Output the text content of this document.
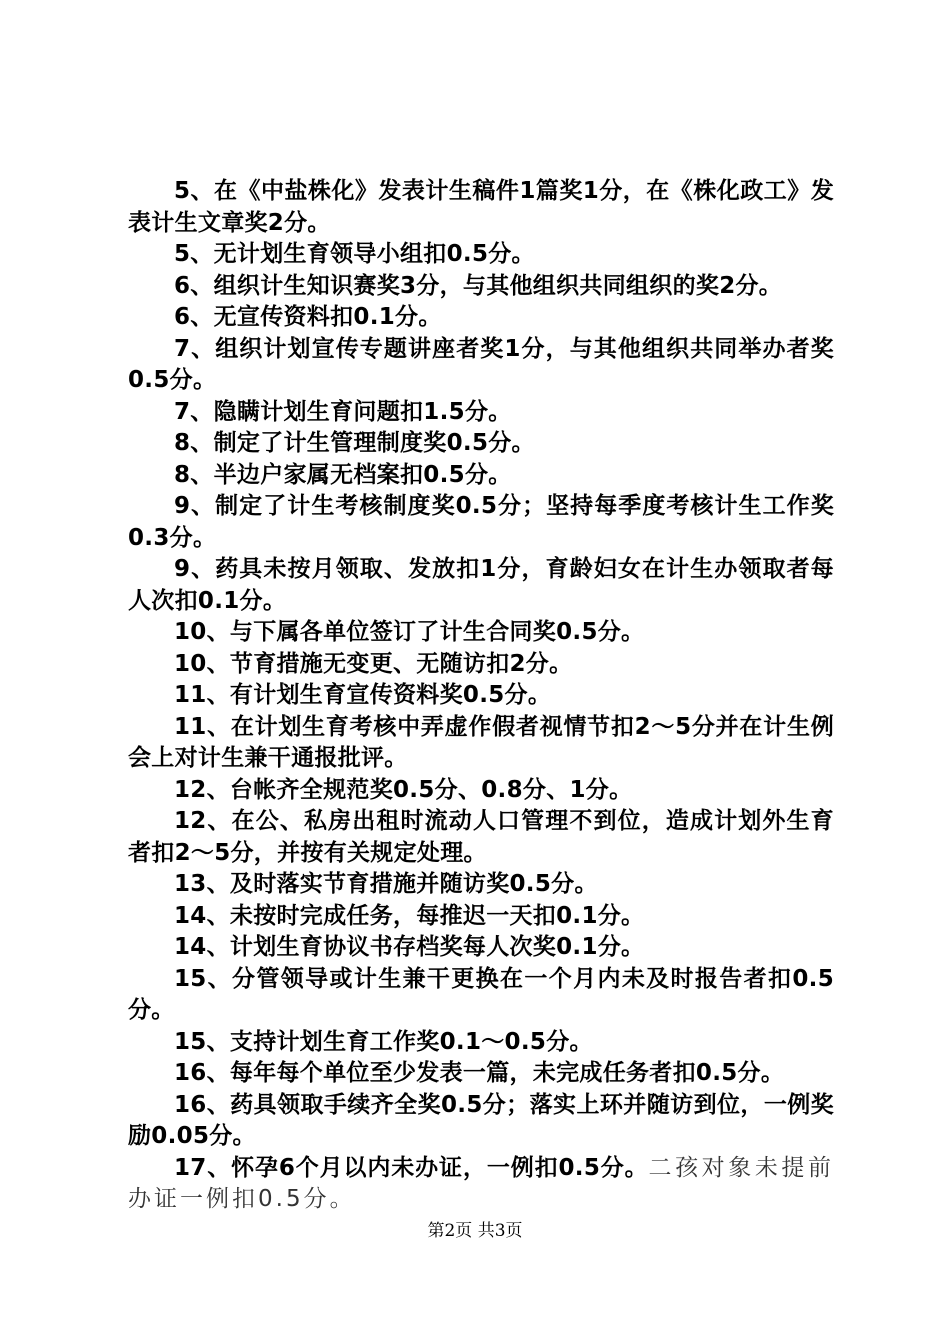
5、在《中盐株化》发表计生稿件1篇奖1分，在《株化政工》发表计生文章奖2分。

5、无计划生育领导小组扣0.5分。

6、组织计生知识赛奖3分，与其他组织共同组织的奖2分。

6、无宣传资料扣0.1分。

7、组织计划宣传专题讲座者奖1分，与其他组织共同举办者奖0.5分。

7、隐瞒计划生育问题扣1.5分。

8、制定了计生管理制度奖0.5分。

8、半边户家属无档案扣0.5分。

9、制定了计生考核制度奖0.5分；坚持每季度考核计生工作奖0.3分。

9、药具未按月领取、发放扣1分，育龄妇女在计生办领取者每人次扣0.1分。

10、与下属各单位签订了计生合同奖0.5分。

10、节育措施无变更、无随访扣2分。

11、有计划生育宣传资料奖0.5分。

11、在计划生育考核中弄虚作假者视情节扣2～5分并在计生例会上对计生兼干通报批评。

12、台帐齐全规范奖0.5分、0.8分、1分。

12、在公、私房出租时流动人口管理不到位，造成计划外生育者扣2～5分，并按有关规定处理。

13、及时落实节育措施并随访奖0.5分。

14、未按时完成任务，每推迟一天扣0.1分。

14、计划生育协议书存档奖每人次奖0.1分。

15、分管领导或计生兼干更换在一个月内未及时报告者扣0.5分。

15、支持计划生育工作奖0.1～0.5分。

16、每年每个单位至少发表一篇，未完成任务者扣0.5分。

16、药具领取手续齐全奖0.5分；落实上环并随访到位，一例奖励0.05分。

17、怀孕6个月以内未办证，一例扣0.5分。二孩对象未提前办证一例扣0.5分。

第2页 共3页
